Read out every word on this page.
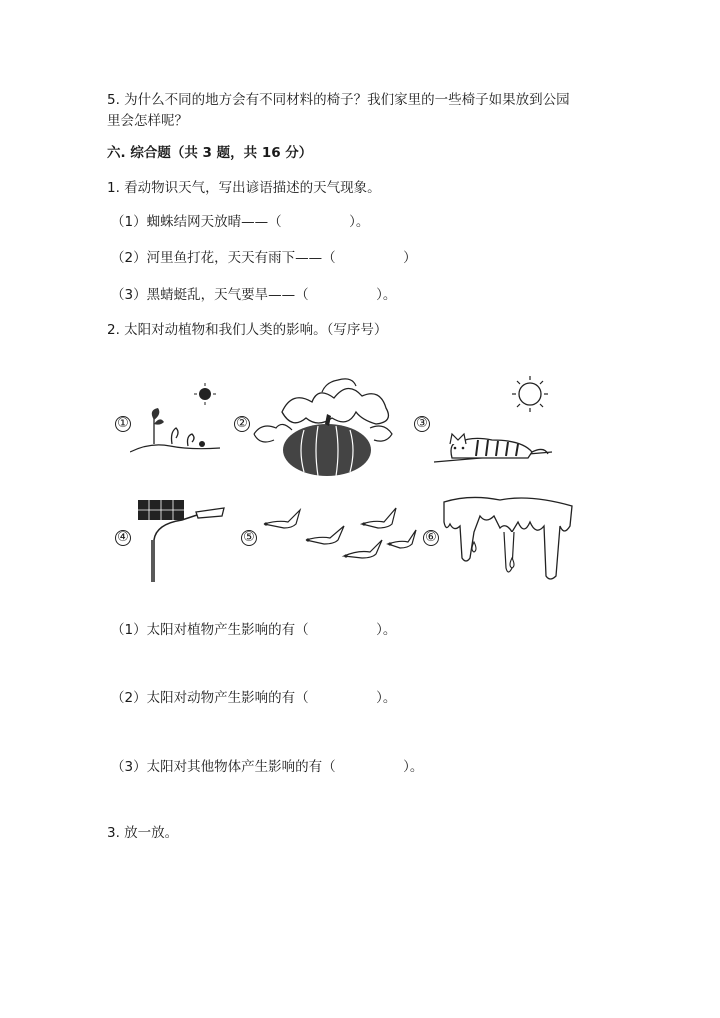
5. 为什么不同的地方会有不同材料的椅子？我们家里的一些椅子如果放到公园
里会怎样呢？
六. 综合题（共 3 题，共 16 分）
1. 看动物识天气，写出谚语描述的天气现象。
（1）蜘蛛结网天放晴——（　　　　　）。
（2）河里鱼打花，天天有雨下——（　　　　　）
（3）黑蜻蜓乱，天气要旱——（　　　　　）。
2. 太阳对动植物和我们人类的影响。（写序号）
①	②	③
④	⑤	⑥
（1）太阳对植物产生影响的有（　　　　　）。
（2）太阳对动物产生影响的有（　　　　　）。
（3）太阳对其他物体产生影响的有（　　　　　）。
3. 放一放。
